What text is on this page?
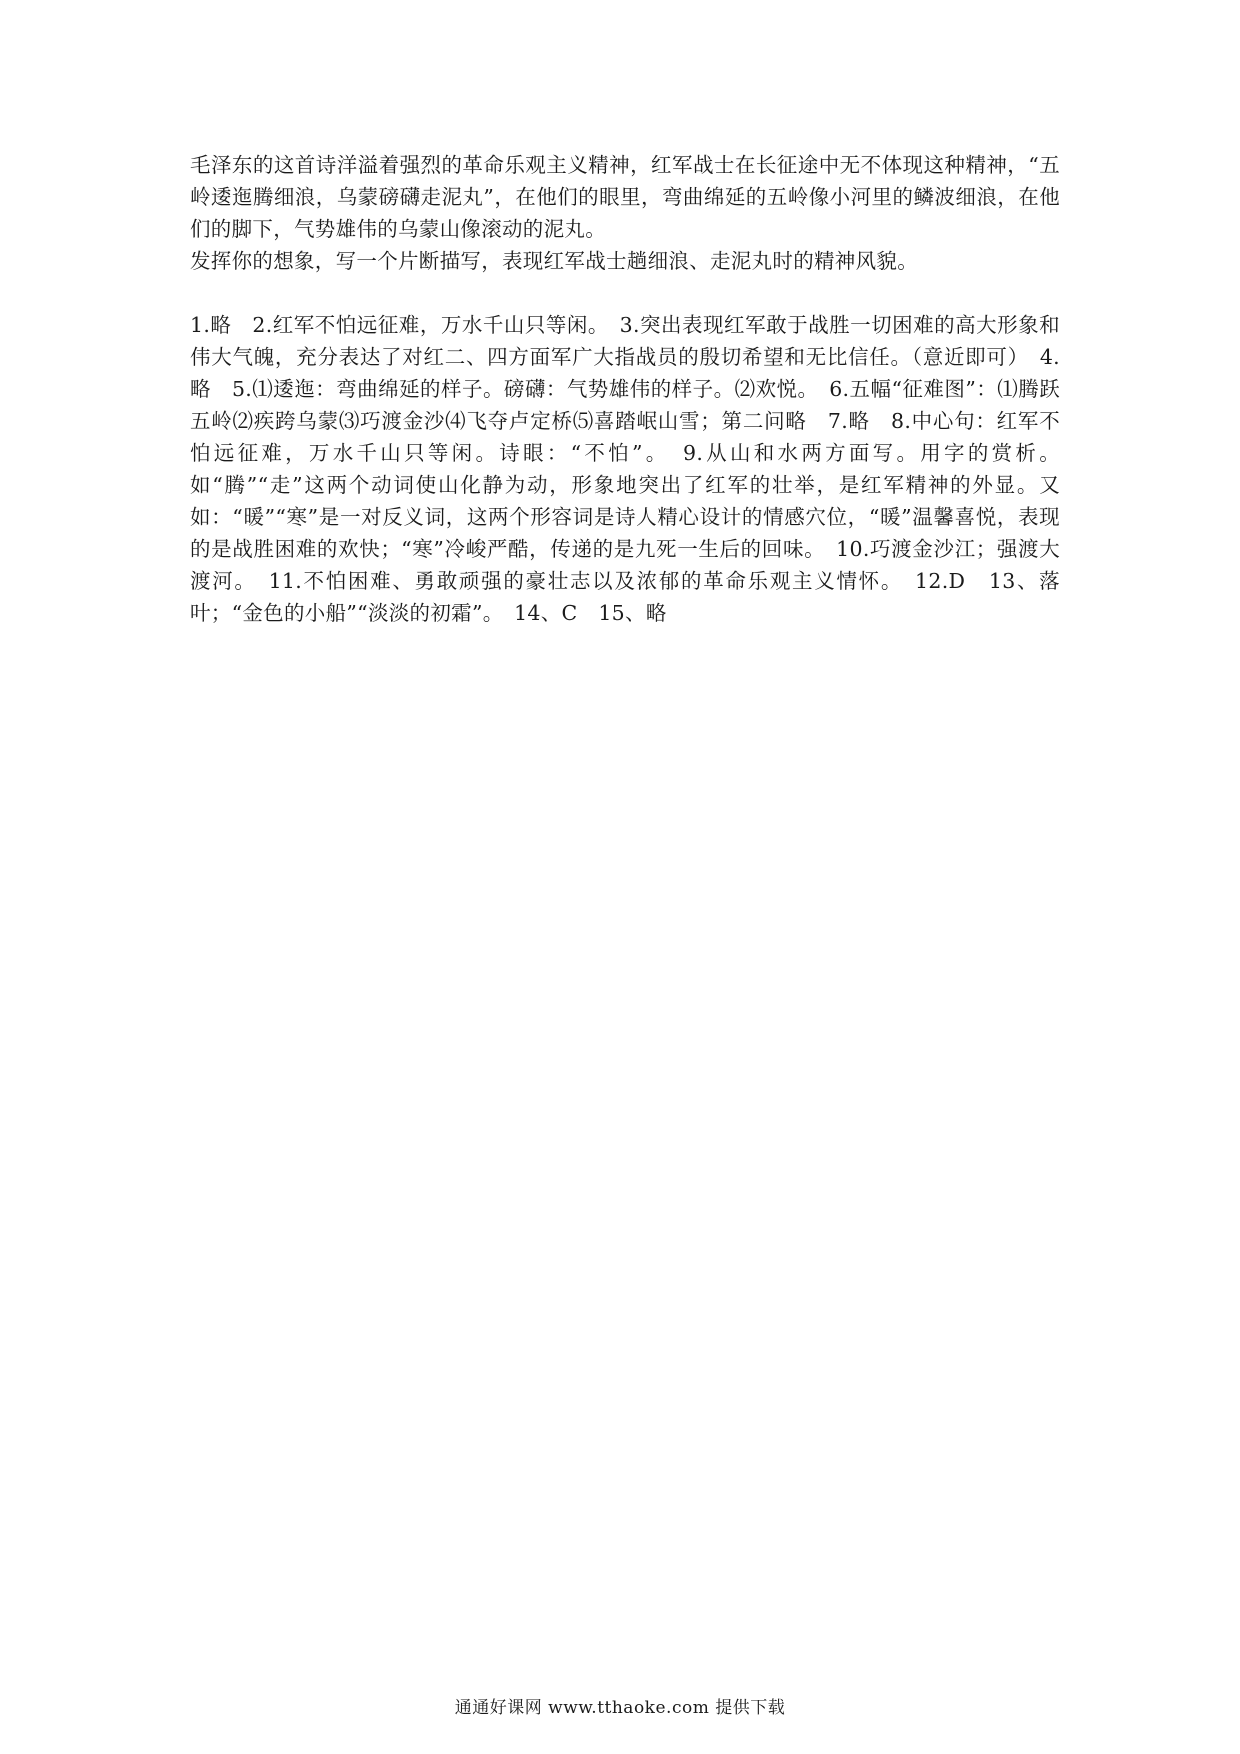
毛泽东的这首诗洋溢着强烈的革命乐观主义精神，红军战士在长征途中无不体现这种精神，“五岭逶迤腾细浪，乌蒙磅礴走泥丸”，在他们的眼里，弯曲绵延的五岭像小河里的鳞波细浪，在他们的脚下，气势雄伟的乌蒙山像滚动的泥丸。

发挥你的想象，写一个片断描写，表现红军战士趟细浪、走泥丸时的精神风貌。

1.略　2.红军不怕远征难，万水千山只等闲。　3.突出表现红军敢于战胜一切困难的高大形象和伟大气魄，充分表达了对红二、四方面军广大指战员的殷切希望和无比信任。（意近即可）　4.略　5.⑴逶迤：弯曲绵延的样子。磅礴：气势雄伟的样子。⑵欢悦。　6.五幅“征难图”：⑴腾跃五岭⑵疾跨乌蒙⑶巧渡金沙⑷飞夺卢定桥⑸喜踏岷山雪；第二问略　7.略　8.中心句：红军不怕远征难，万水千山只等闲。诗眼：“不怕”。　9.从山和水两方面写。用字的赏析。如“腾”“走”这两个动词使山化静为动，形象地突出了红军的壮举，是红军精神的外显。又如：“暖”“寒”是一对反义词，这两个形容词是诗人精心设计的情感穴位，“暖”温馨喜悦，表现的是战胜困难的欢快；“寒”冷峻严酷，传递的是九死一生后的回味。　10.巧渡金沙江；强渡大渡河。　11.不怕困难、勇敢顽强的豪壮志以及浓郁的革命乐观主义情怀。　12.D　13、落叶；“金色的小船”“淡淡的初霜”。　14、C　15、略

通通好课网 www.tthaoke.com 提供下载
